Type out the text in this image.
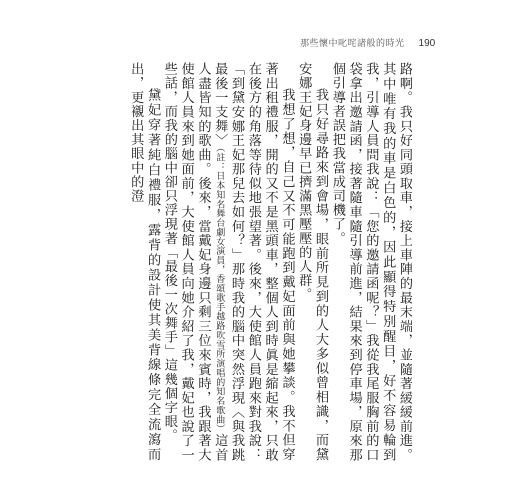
那些懷中叱咤諸般的時光 190

路啊。我只好同頭取車，接上車陣的最末端，並隨著緩緩前進。其中唯有我的車是白色的，因此顯得特別醒目，好不容易輪到我，引導人員問我說：「您的邀請函呢？」我從我尾服胸前的口袋拿出邀請函，接著隨車隨引導前進，結果來到停車場，原來那個引導者誤把我當成司機了。

我只好尋路來到會場，眼前所見到的人大多似曾相識，而黛安娜王妃身邊早已擠滿黑壓壓的人群。

我想了想，自己又不可能跑到戴妃面前與她攀談。我不但穿著出租禮服，開的又不是黑頭車，整個人到時眞是縮起來，只敢在後方的角落等待似地張望著。後來，大使館人員跑來對我說：「到黛安娜王妃那兒去如何？」那時我的腦中突然浮現〈與我跳最後一支舞〉（註：日本知名舞台劇女演員，香頌歌手越路吹雪所演唱的知名歌曲）這首人盡皆知的歌曲。後來，當戴妃身邊只剩三位來賓時，我跟著大使館人員來到她面前，大使館人員向她介紹了我，戴妃也說了一些話，而我的腦中卻只浮現著「最後一次舞手」這幾個字眼。

黛妃穿著純白禮服，露背的設計使其美背線條完全流瀉而出，更襯出其眼中的澄
